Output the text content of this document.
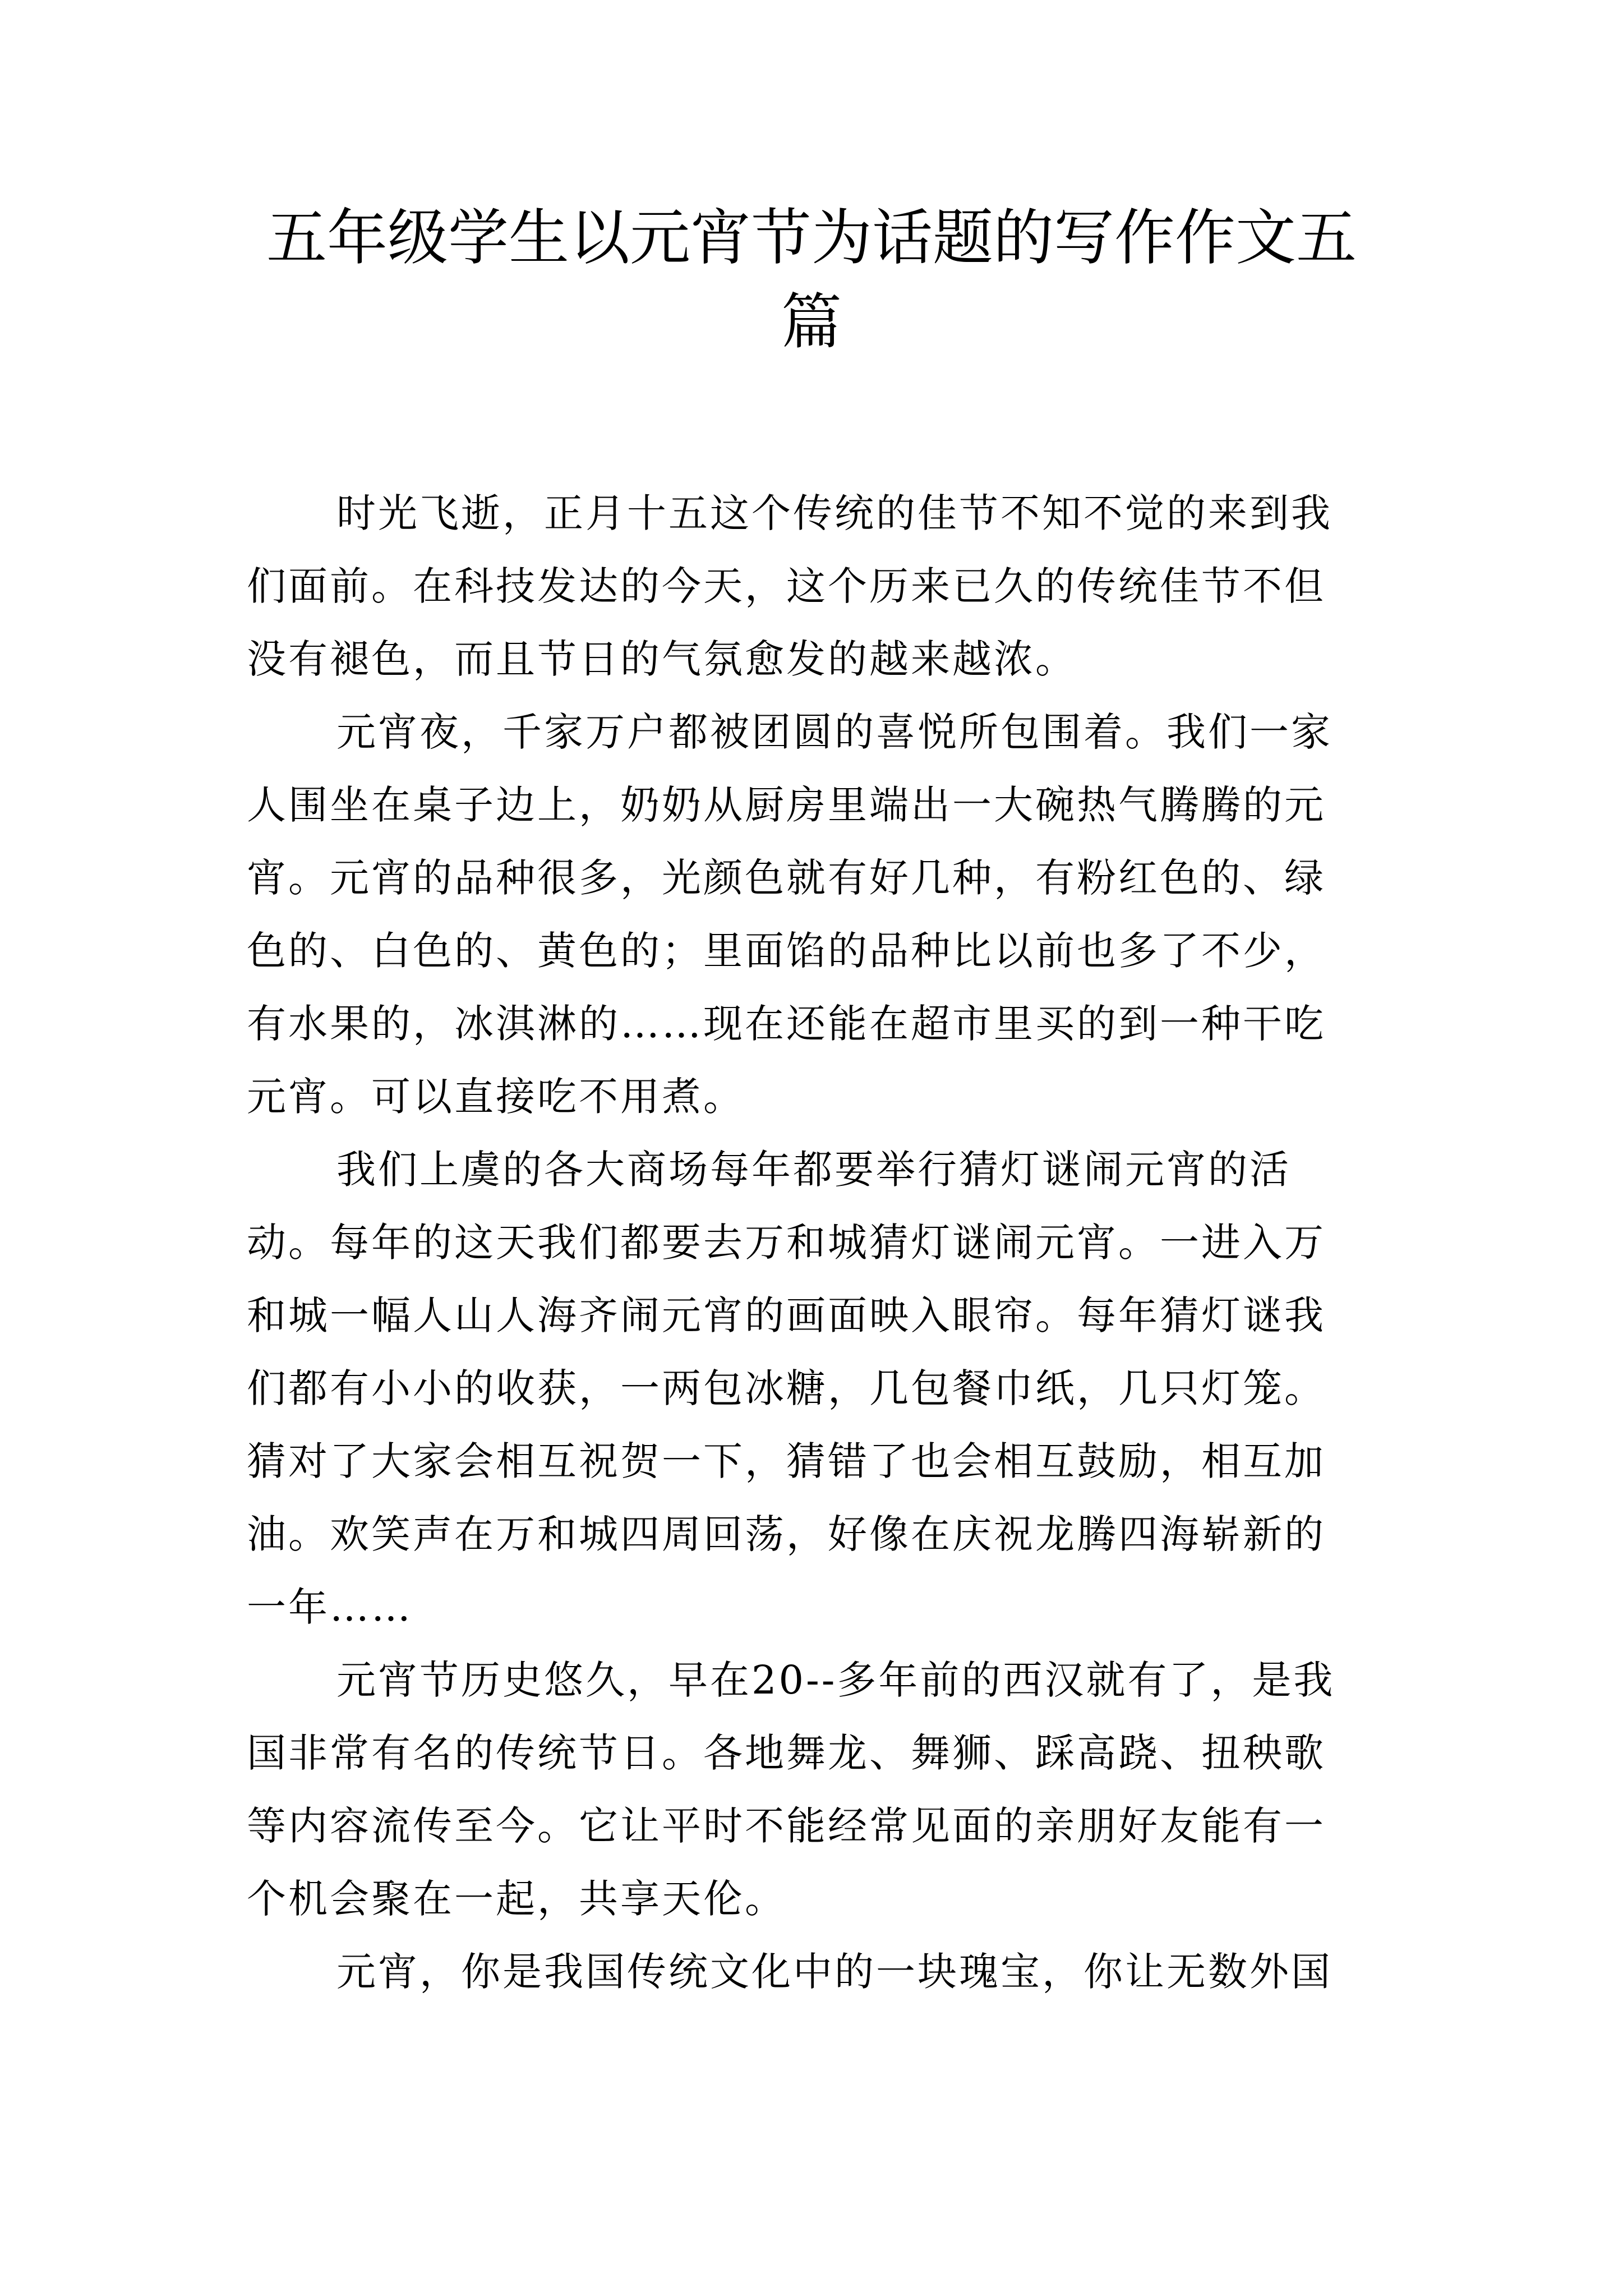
五年级学生以元宵节为话题的写作作文五
篇
时光飞逝，正月十五这个传统的佳节不知不觉的来到我
们面前。在科技发达的今天，这个历来已久的传统佳节不但
没有褪色，而且节日的气氛愈发的越来越浓。
元宵夜，千家万户都被团圆的喜悦所包围着。我们一家
人围坐在桌子边上，奶奶从厨房里端出一大碗热气腾腾的元
宵。元宵的品种很多，光颜色就有好几种，有粉红色的、绿
色的、白色的、黄色的；里面馅的品种比以前也多了不少，
有水果的，冰淇淋的……现在还能在超市里买的到一种干吃
元宵。可以直接吃不用煮。
我们上虞的各大商场每年都要举行猜灯谜闹元宵的活
动。每年的这天我们都要去万和城猜灯谜闹元宵。一进入万
和城一幅人山人海齐闹元宵的画面映入眼帘。每年猜灯谜我
们都有小小的收获，一两包冰糖，几包餐巾纸，几只灯笼。
猜对了大家会相互祝贺一下，猜错了也会相互鼓励，相互加
油。欢笑声在万和城四周回荡，好像在庆祝龙腾四海崭新的
一年……
元宵节历史悠久，早在20--多年前的西汉就有了，是我
国非常有名的传统节日。各地舞龙、舞狮、踩高跷、扭秧歌
等内容流传至今。它让平时不能经常见面的亲朋好友能有一
个机会聚在一起，共享天伦。
元宵，你是我国传统文化中的一块瑰宝，你让无数外国
